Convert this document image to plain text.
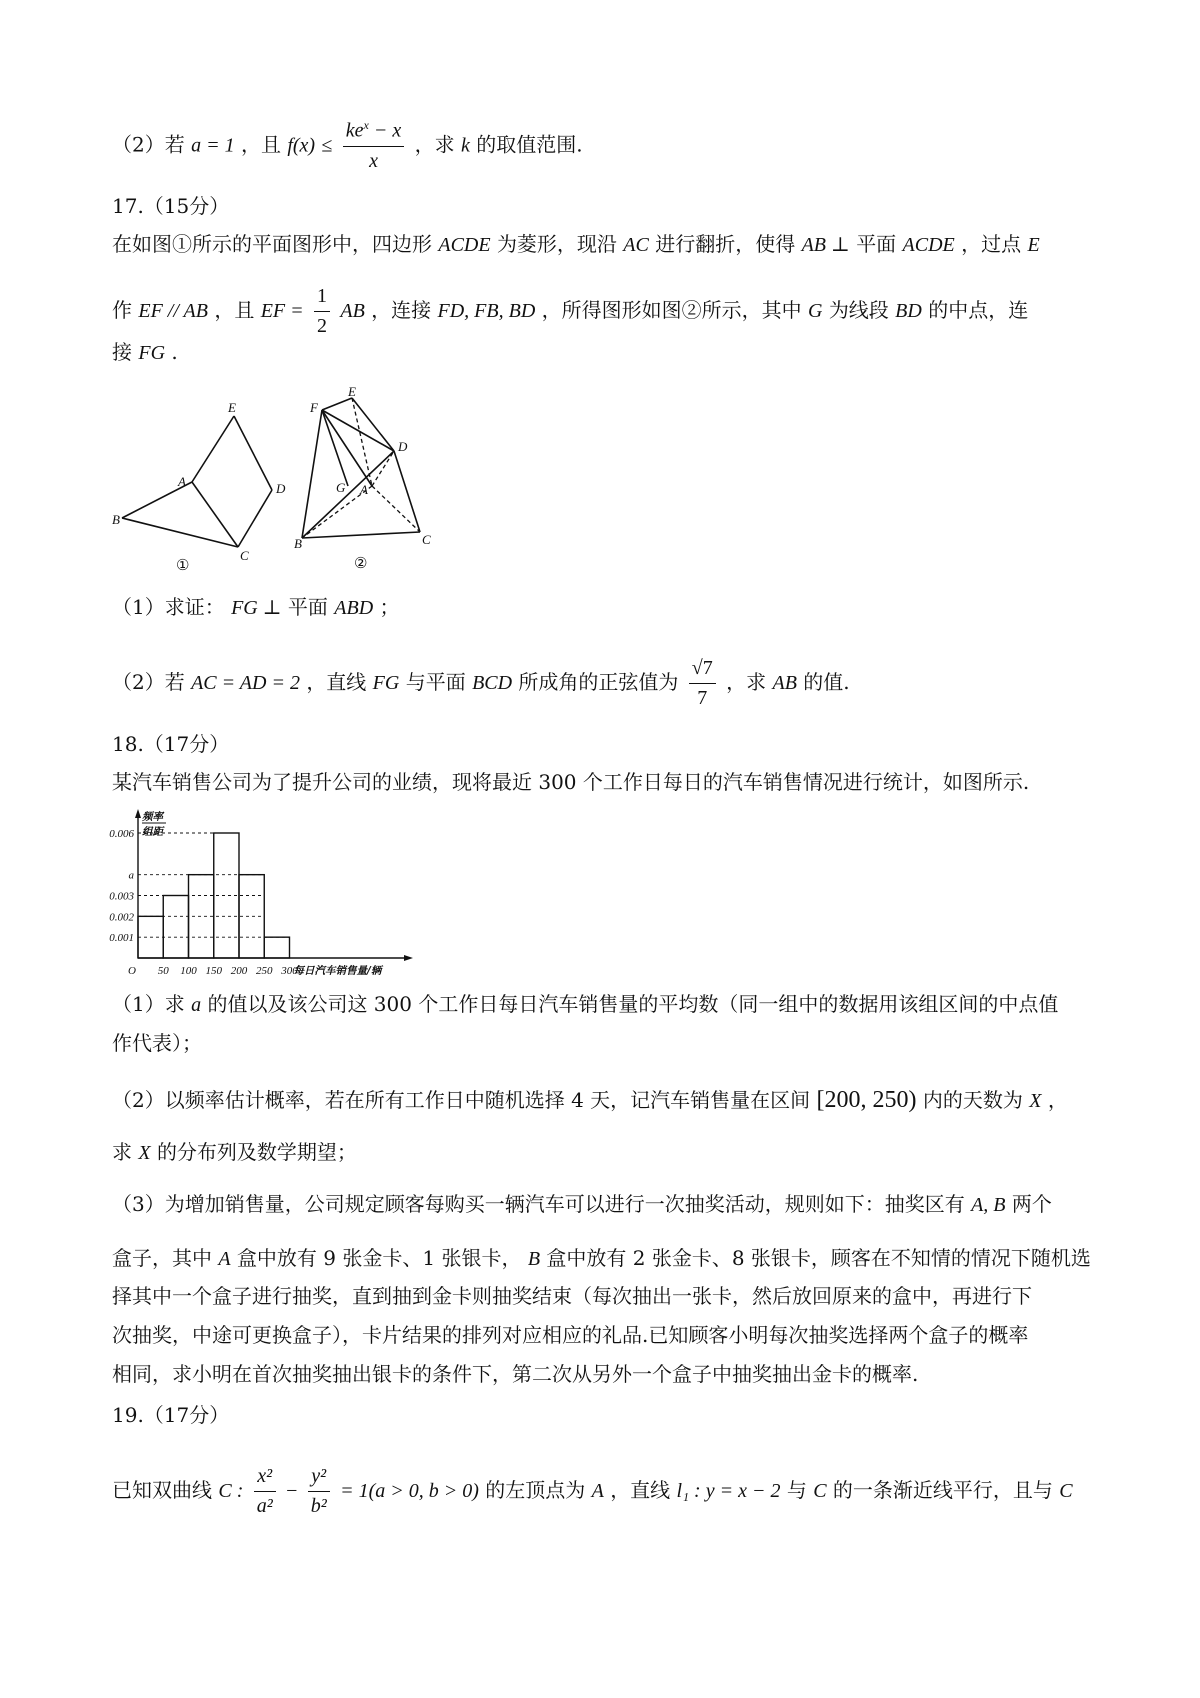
（2）若 a = 1 ，且 $f(x) \le \frac{ke^x - x}{x}$ ，求 k 的取值范围.
17.（15分）
在如图①所示的平面图形中，四边形 ACDE 为菱形，现沿 AC 进行翻折，使得 AB ⊥ 平面 ACDE ，过点 E
作 EF // AB ，且 EF = $\frac{1}{2}$ AB ，连接 FD, FB, BD ，所得图形如图②所示，其中 G 为线段 BD 的中点，连
接 FG .
E
A	D
B
C
①
F
E
D
G A
B	C
②
（1）求证： FG ⊥ 平面 ABD ；
（2）若 AC = AD = 2 ，直线 FG 与平面 BCD 所成角的正弦值为 $\frac{√7}{7}$ ，求 AB 的值.
18.（17分）
某汽车销售公司为了提升公司的业绩，现将最近 300 个工作日每日的汽车销售情况进行统计，如图所示.
0.006
a
0.003
0.002
0.001
50 100 150 200 250 300
O	每日汽车销售量/辆
频率
组距
（1）求 a 的值以及该公司这 300 个工作日每日汽车销售量的平均数（同一组中的数据用该组区间的中点值
作代表）；
（2）以频率估计概率，若在所有工作日中随机选择 4 天，记汽车销售量在区间 [200, 250) 内的天数为 X ，
求 X 的分布列及数学期望；
（3）为增加销售量，公司规定顾客每购买一辆汽车可以进行一次抽奖活动，规则如下：抽奖区有 A, B 两个
盒子，其中 A 盒中放有 9 张金卡、1 张银卡， B 盒中放有 2 张金卡、8 张银卡，顾客在不知情的情况下随机选
择其中一个盒子进行抽奖，直到抽到金卡则抽奖结束（每次抽出一张卡，然后放回原来的盒中，再进行下
次抽奖，中途可更换盒子），卡片结果的排列对应相应的礼品.已知顾客小明每次抽奖选择两个盒子的概率
相同，求小明在首次抽奖抽出银卡的条件下，第二次从另外一个盒子中抽奖抽出金卡的概率.
19.（17分）
已知双曲线 C : $\frac{\text{x²}}{\text{a²}} - \frac{\text{y²}}{\text{b²}} = 1(a > 0$, b > 0) 的左顶点为 A ，直线 l₁ : y = x − 2 与 C 的一条渐近线平行，且与 C
